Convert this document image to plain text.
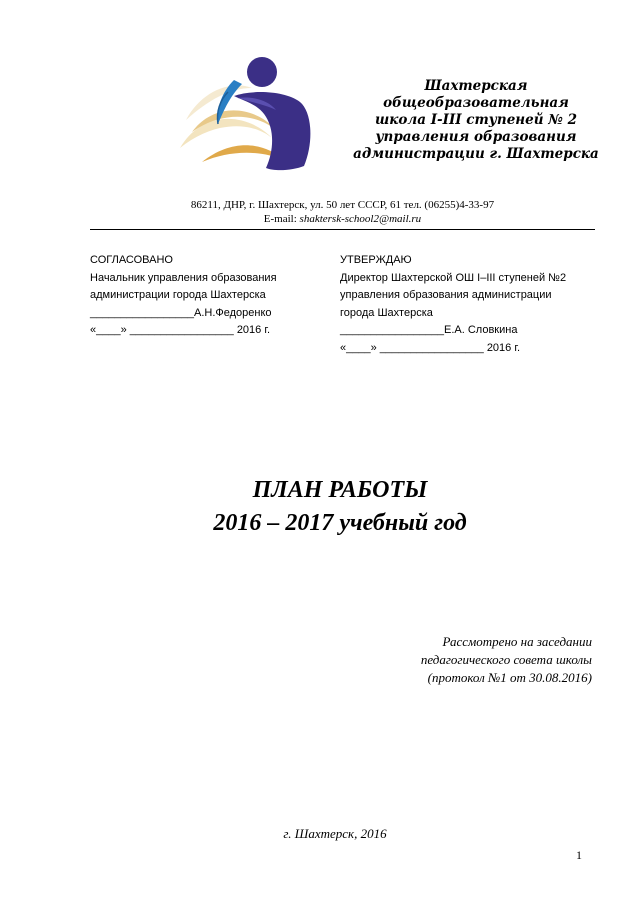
Шахтерская
общеобразовательная
школа I-III ступеней № 2
управления образования
администрации г. Шахтерска
86211, ДНР, г. Шахтерск, ул. 50 лет СССР, 61 тел. (06255)4-33-97
E-mail: shaktersk-school2@mail.ru
СОГЛАСОВАНО
Начальник управления образования
администрации города Шахтерска
_________________А.Н.Федоренко
«____» _________________ 2016 г.
УТВЕРЖДАЮ
Директор Шахтерской ОШ I–III ступеней №2
управления образования администрации
города Шахтерска
_________________Е.А. Словкина
«____» _________________ 2016 г.
ПЛАН РАБОТЫ
2016 – 2017 учебный год
Рассмотрено на заседании
педагогического совета школы
(протокол №1 от 30.08.2016)
г. Шахтерск, 2016
1
